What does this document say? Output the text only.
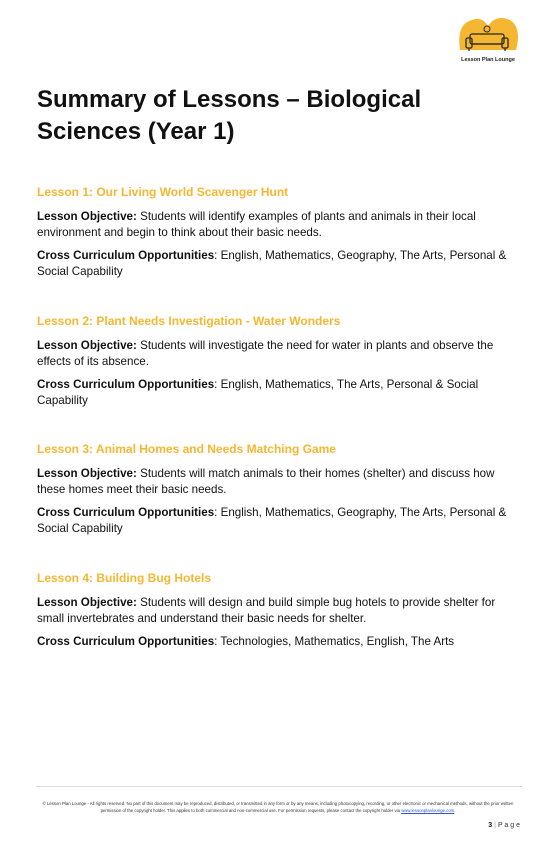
Lesson Plan Lounge
Summary of Lessons – Biological Sciences (Year 1)
Lesson 1: Our Living World Scavenger Hunt

Lesson Objective: Students will identify examples of plants and animals in their local environment and begin to think about their basic needs.

Cross Curriculum Opportunities: English, Mathematics, Geography, The Arts, Personal & Social Capability

Lesson 2: Plant Needs Investigation - Water Wonders

Lesson Objective: Students will investigate the need for water in plants and observe the effects of its absence.

Cross Curriculum Opportunities: English, Mathematics, The Arts, Personal & Social Capability

Lesson 3: Animal Homes and Needs Matching Game

Lesson Objective: Students will match animals to their homes (shelter) and discuss how these homes meet their basic needs.

Cross Curriculum Opportunities: English, Mathematics, Geography, The Arts, Personal & Social Capability

Lesson 4: Building Bug Hotels

Lesson Objective: Students will design and build simple bug hotels to provide shelter for small invertebrates and understand their basic needs for shelter.

Cross Curriculum Opportunities: Technologies, Mathematics, English, The Arts

© Lesson Plan Lounge - All rights reserved. No part of this document may be reproduced, distributed, or transmitted in any form or by any means, including photocopying, recording, or other electronic or mechanical methods, without the prior written permission of the copyright holder. This applies to both commercial and non-commercial use. For permission requests, please contact the copyright holder via www.lessonplanlounge.com.
3 | P a g e
